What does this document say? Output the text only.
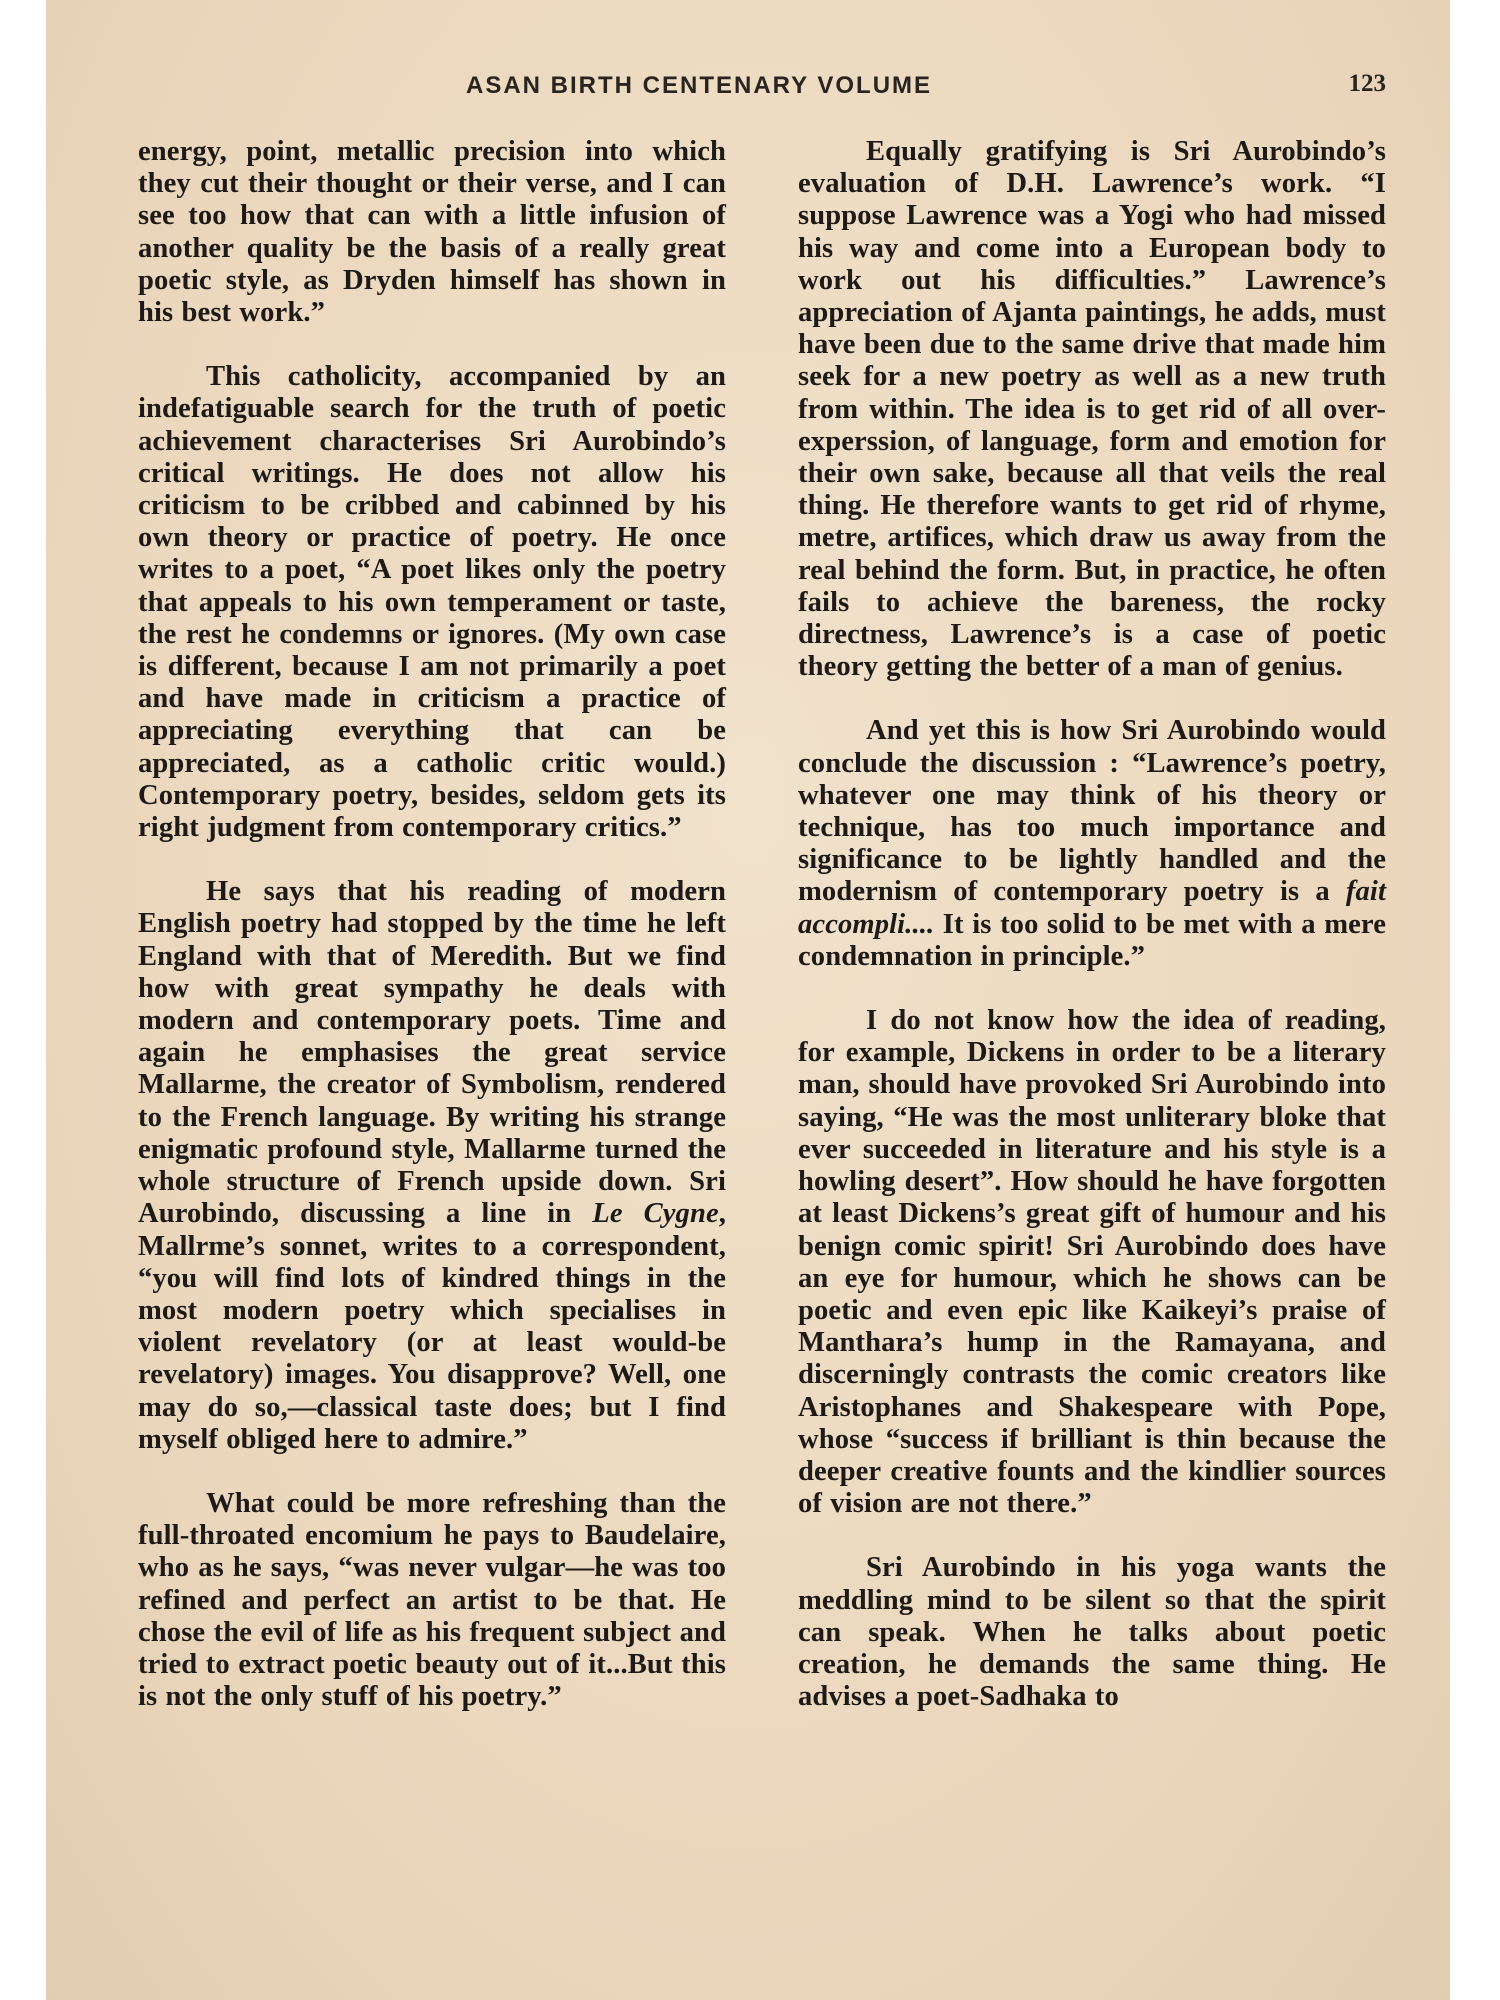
ASAN BIRTH CENTENARY VOLUME	123

energy, point, metallic precision into which they cut their thought or their verse, and I can see too how that can with a little infusion of another quality be the basis of a really great poetic style, as Dryden himself has shown in his best work.”

This catholicity, accompanied by an indefatiguable search for the truth of poetic achievement characterises Sri Aurobindo’s critical writings. He does not allow his criticism to be cribbed and cabinned by his own theory or practice of poetry. He once writes to a poet, “A poet likes only the poetry that appeals to his own temperament or taste, the rest he condemns or ignores. (My own case is different, because I am not primarily a poet and have made in criticism a practice of appreciating everything that can be appreciated, as a catholic critic would.) Contemporary poetry, besides, seldom gets its right judgment from contemporary critics.”

He says that his reading of modern English poetry had stopped by the time he left England with that of Meredith. But we find how with great sympathy he deals with modern and contemporary poets. Time and again he emphasises the great service Mallarme, the creator of Symbolism, rendered to the French language. By writing his strange enigmatic profound style, Mallarme turned the whole structure of French upside down. Sri Aurobindo, discussing a line in Le Cygne, Mallrme’s sonnet, writes to a correspondent, “you will find lots of kindred things in the most modern poetry which specialises in violent revelatory (or at least would-be revelatory) images. You disapprove? Well, one may do so,—classical taste does; but I find myself obliged here to admire.”

What could be more refreshing than the full-throated encomium he pays to Baudelaire, who as he says, “was never vulgar—he was too refined and perfect an artist to be that. He chose the evil of life as his frequent subject and tried to extract poetic beauty out of it...But this is not the only stuff of his poetry.”

Equally gratifying is Sri Aurobindo’s evaluation of D.H. Lawrence’s work. “I suppose Lawrence was a Yogi who had missed his way and come into a European body to work out his difficulties.” Lawrence’s appreciation of Ajanta paintings, he adds, must have been due to the same drive that made him seek for a new poetry as well as a new truth from within. The idea is to get rid of all over-experssion, of language, form and emotion for their own sake, because all that veils the real thing. He therefore wants to get rid of rhyme, metre, artifices, which draw us away from the real behind the form. But, in practice, he often fails to achieve the bareness, the rocky directness, Lawrence’s is a case of poetic theory getting the better of a man of genius.

And yet this is how Sri Aurobindo would conclude the discussion : “Lawrence’s poetry, whatever one may think of his theory or technique, has too much importance and significance to be lightly handled and the modernism of contemporary poetry is a fait accompli.... It is too solid to be met with a mere condemnation in principle.”

I do not know how the idea of reading, for example, Dickens in order to be a literary man, should have provoked Sri Aurobindo into saying, “He was the most unliterary bloke that ever succeeded in literature and his style is a howling desert”. How should he have forgotten at least Dickens’s great gift of humour and his benign comic spirit! Sri Aurobindo does have an eye for humour, which he shows can be poetic and even epic like Kaikeyi’s praise of Manthara’s hump in the Ramayana, and discerningly contrasts the comic creators like Aristophanes and Shakespeare with Pope, whose “success if brilliant is thin because the deeper creative founts and the kindlier sources of vision are not there.”

Sri Aurobindo in his yoga wants the meddling mind to be silent so that the spirit can speak. When he talks about poetic creation, he demands the same thing. He advises a poet-Sadhaka to
